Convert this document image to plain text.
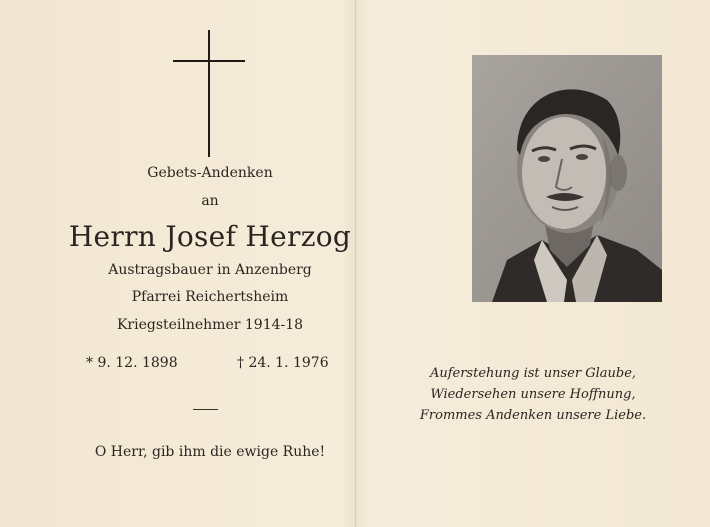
Gebets-Andenken
an
Herrn Josef Herzog
Austragsbauer in Anzenberg
Pfarrei Reichertsheim
Kriegsteilnehmer 1914-18
* 9. 12. 1898	† 24. 1. 1976
O Herr, gib ihm die ewige Ruhe!
Auferstehung ist unser Glaube,
Wiedersehen unsere Hoffnung,
Frommes Andenken unsere Liebe.
